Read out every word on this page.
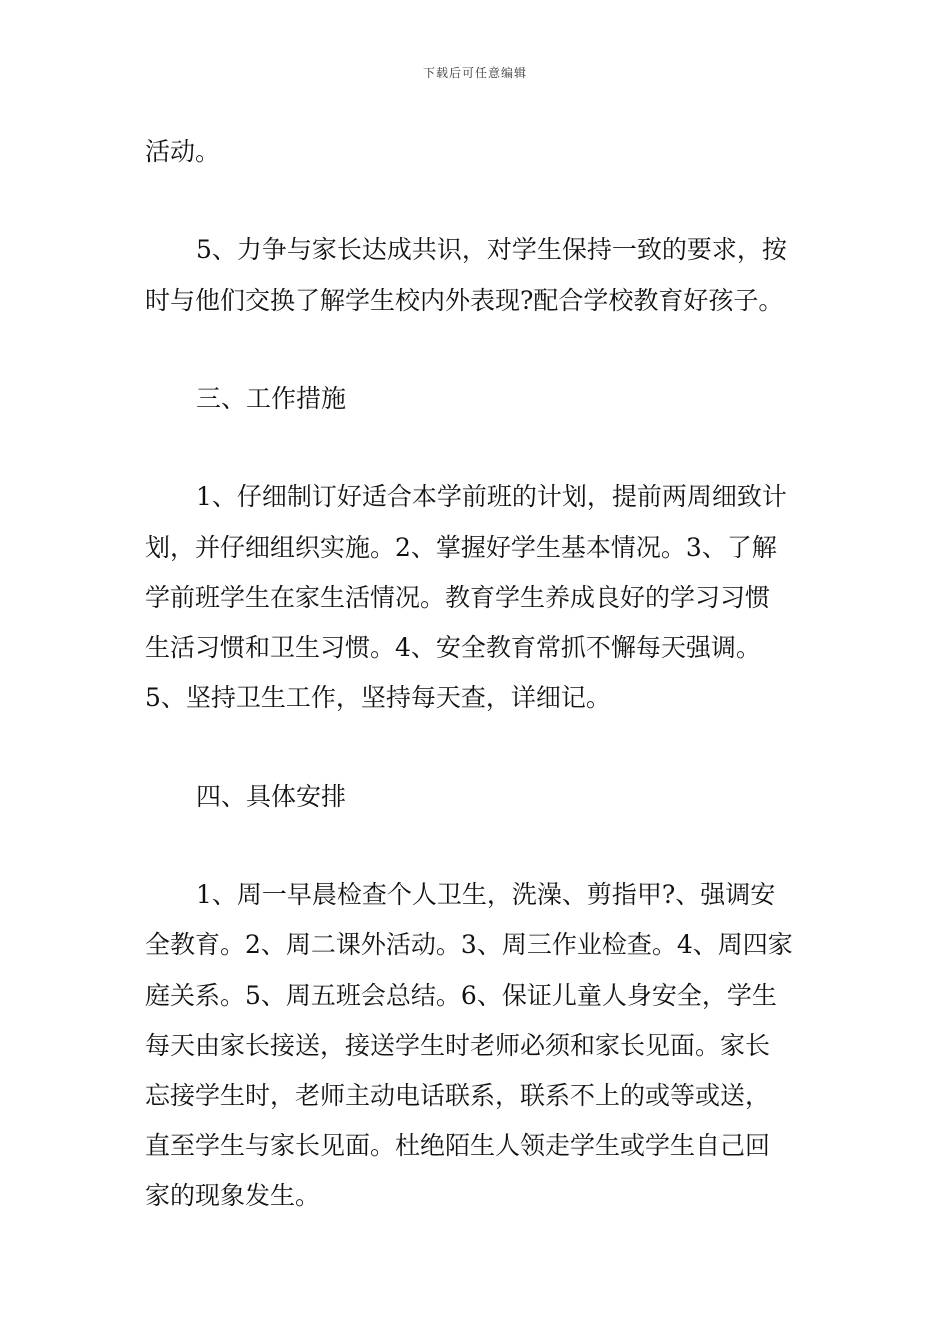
下载后可任意编辑
活动。
5、力争与家长达成共识，对学生保持一致的要求，按
时与他们交换了解学生校内外表现?配合学校教育好孩子。
三、工作措施
1、仔细制订好适合本学前班的计划，提前两周细致计
划，并仔细组织实施。2、掌握好学生基本情况。3、了解
学前班学生在家生活情况。教育学生养成良好的学习习惯
生活习惯和卫生习惯。4、安全教育常抓不懈每天强调。
5、坚持卫生工作，坚持每天查，详细记。
四、具体安排
1、周一早晨检查个人卫生，洗澡、剪指甲?、强调安
全教育。2、周二课外活动。3、周三作业检查。4、周四家
庭关系。5、周五班会总结。6、保证儿童人身安全，学生
每天由家长接送，接送学生时老师必须和家长见面。家长
忘接学生时，老师主动电话联系，联系不上的或等或送，
直至学生与家长见面。杜绝陌生人领走学生或学生自己回
家的现象发生。
